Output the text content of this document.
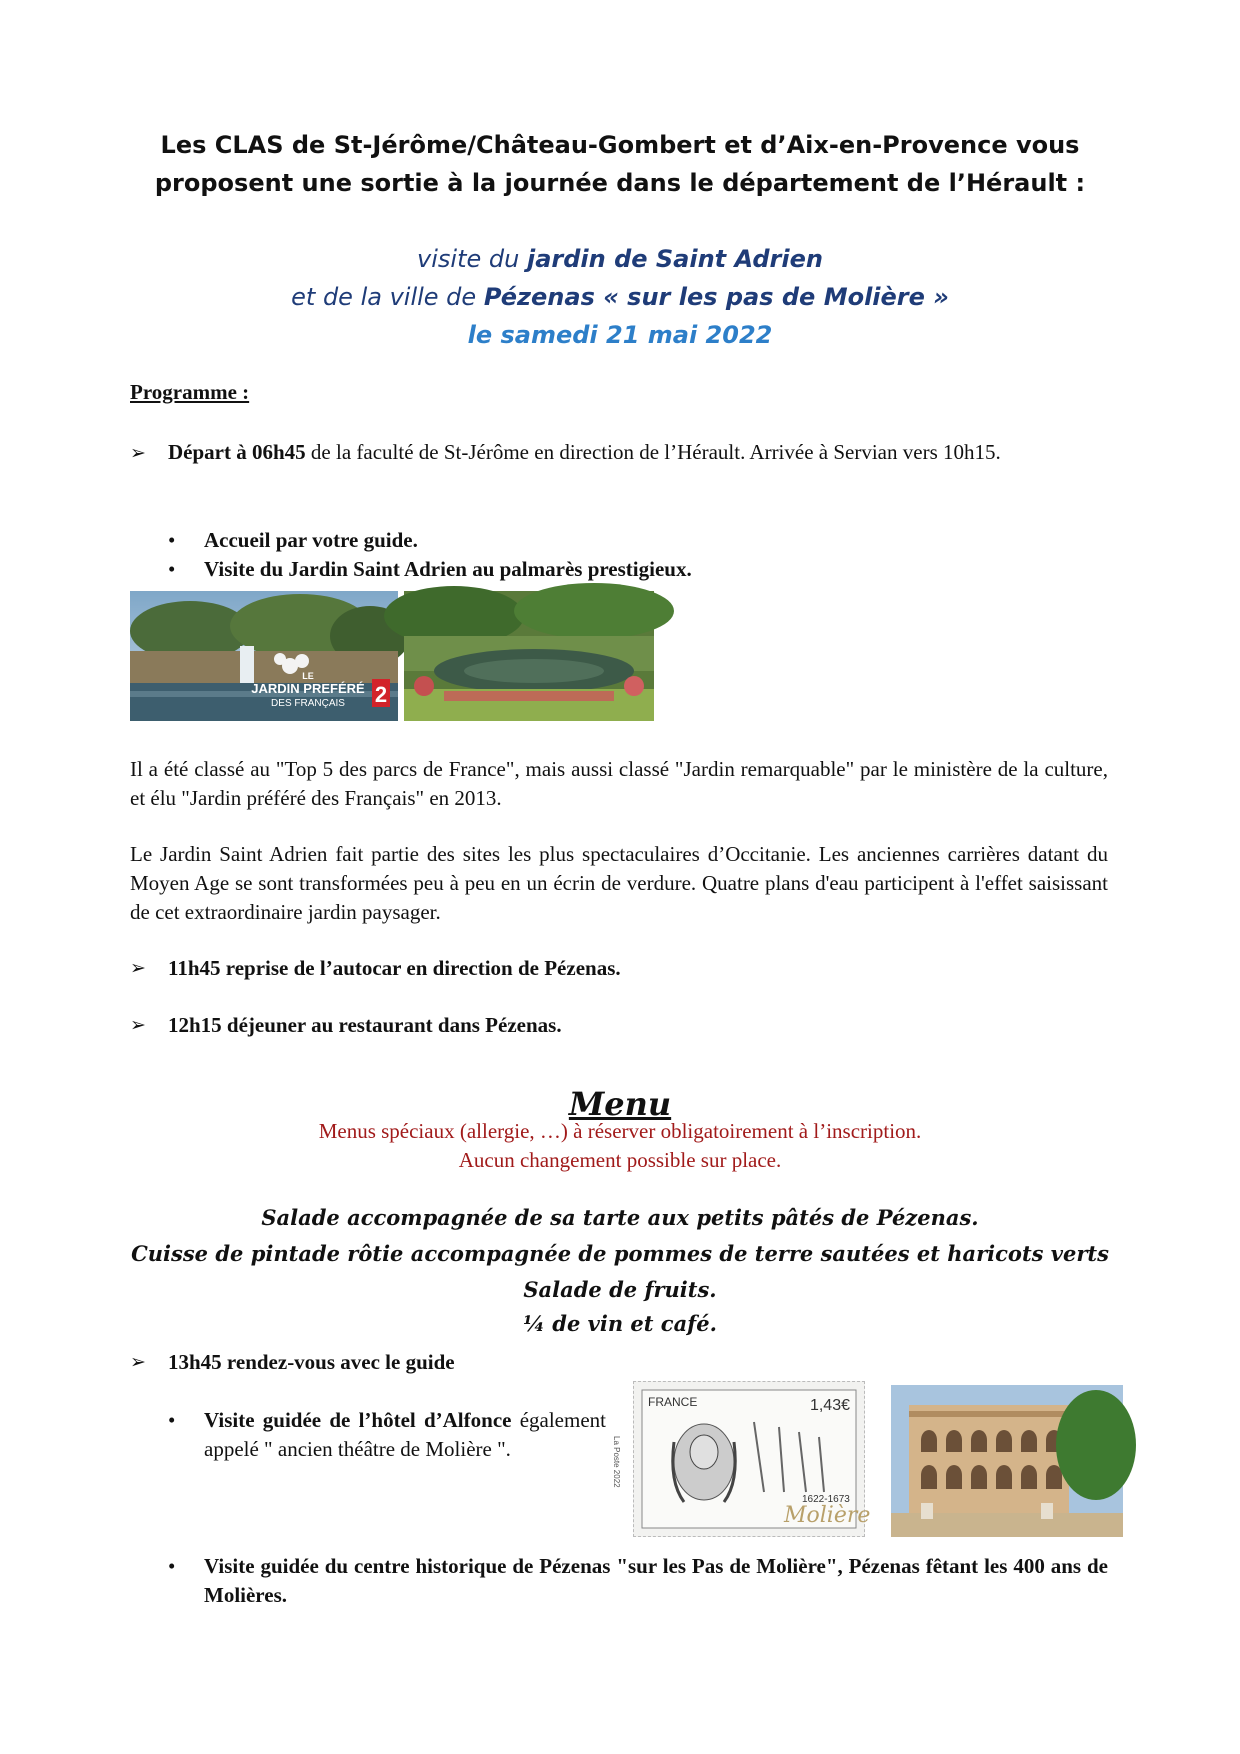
Les CLAS de St-Jérôme/Château-Gombert et d’Aix-en-Provence vous
proposent une sortie à la journée dans le département de l’Hérault :
visite du jardin de Saint Adrien
et de la ville de Pézenas « sur les pas de Molière »
le samedi 21 mai 2022
Programme :
➢ Départ à 06h45 de la faculté de St-Jérôme en direction de l’Hérault. Arrivée à Servian vers 10h15.
• Accueil par votre guide.
• Visite du Jardin Saint Adrien au palmarès prestigieux.
LE
JARDIN PREFÉRÉ
DES FRANÇAIS 2
Il a été classé au "Top 5 des parcs de France", mais aussi classé "Jardin remarquable" par le ministère de la culture, et élu "Jardin préféré des Français" en 2013.
Le Jardin Saint Adrien fait partie des sites les plus spectaculaires d’Occitanie. Les anciennes carrières datant du Moyen Age se sont transformées peu à peu en un écrin de verdure. Quatre plans d'eau participent à l'effet saisissant de cet extraordinaire jardin paysager.
➢ 11h45 reprise de l’autocar en direction de Pézenas.
➢ 12h15 déjeuner au restaurant dans Pézenas.
Menu
Menus spéciaux (allergie, …) à réserver obligatoirement à l’inscription.
Aucun changement possible sur place.
Salade accompagnée de sa tarte aux petits pâtés de Pézenas.
Cuisse de pintade rôtie accompagnée de pommes de terre sautées et haricots verts
Salade de fruits.
¼ de vin et café.
➢ 13h45 rendez-vous avec le guide
• Visite guidée de l’hôtel d’Alfonce également appelé " ancien théâtre de Molière ".
FRANCE	1,43€
1622-1673
Molière
La Poste 2022
• Visite guidée du centre historique de Pézenas "sur les Pas de Molière", Pézenas fêtant les 400 ans de Molières.
